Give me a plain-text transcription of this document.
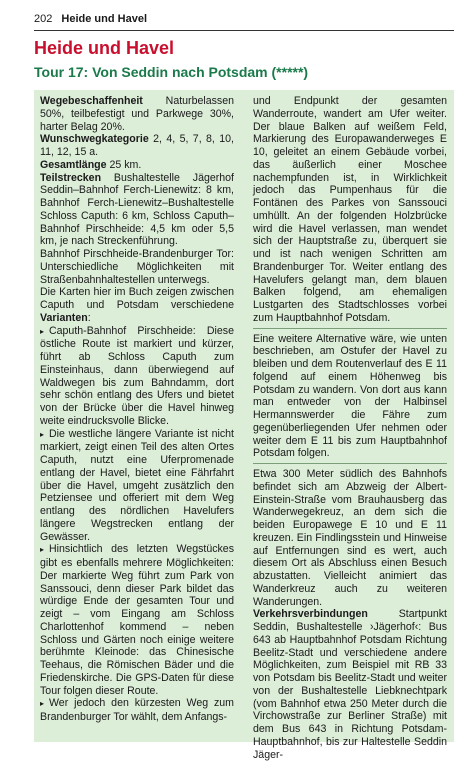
202 Heide und Havel
Heide und Havel
Tour 17: Von Seddin nach Potsdam (*****)

Wegebeschaffenheit Naturbelassen 50%, teilbefestigt und Parkwege 30%, harter Belag 20%.

Wunschwegkategorie 2, 4, 5, 7, 8, 10, 11, 12, 15 a.

Gesamtlänge 25 km.

Teilstrecken Bushaltestelle Jägerhof Seddin–Bahnhof Ferch-Lienewitz: 8 km, Bahnhof Ferch-Lienewitz–Bushaltestelle Schloss Caputh: 6 km, Schloss Caputh–Bahnhof Pirschheide: 4,5 km oder 5,5 km, je nach Streckenführung.

Bahnhof Pirschheide-Brandenburger Tor: Unterschiedliche Möglichkeiten mit Straßenbahnhaltestellen unterwegs.

Die Karten hier im Buch zeigen zwischen Caputh und Potsdam verschiedene Varianten:

▸ Caputh-Bahnhof Pirschheide: Diese östliche Route ist markiert und kürzer, führt ab Schloss Caputh zum Einsteinhaus, dann überwiegend auf Waldwegen bis zum Bahndamm, dort sehr schön entlang des Ufers und bietet von der Brücke über die Havel hinweg weite eindrucksvolle Blicke.

▸ Die westliche längere Variante ist nicht markiert, zeigt einen Teil des alten Ortes Caputh, nutzt eine Uferpromenade entlang der Havel, bietet eine Fährfahrt über die Havel, umgeht zusätzlich den Petziensee und offeriert mit dem Weg entlang des nördlichen Havelufers längere Wegstrecken entlang der Gewässer.

▸ Hinsichtlich des letzten Wegstückes gibt es ebenfalls mehrere Möglichkeiten: Der markierte Weg führt zum Park von Sanssouci, denn dieser Park bildet das würdige Ende der gesamten Tour und zeigt – vom Eingang am Schloss Charlottenhof kommend – neben Schloss und Gärten noch einige weitere berühmte Kleinode: das Chinesische Teehaus, die Römischen Bäder und die Friedenskirche. Die GPS-Daten für diese Tour folgen dieser Route.

▸ Wer jedoch den kürzesten Weg zum Brandenburger Tor wählt, dem Anfangs-

und Endpunkt der gesamten Wanderroute, wandert am Ufer weiter. Der blaue Balken auf weißem Feld, Markierung des Europawanderweges E 10, geleitet an einem Gebäude vorbei, das äußerlich einer Moschee nachempfunden ist, in Wirklichkeit jedoch das Pumpenhaus für die Fontänen des Parkes von Sanssouci umhüllt. An der folgenden Holzbrücke wird die Havel verlassen, man wendet sich der Hauptstraße zu, überquert sie und ist nach wenigen Schritten am Brandenburger Tor. Weiter entlang des Havelufers gelangt man, dem blauen Balken folgend, am ehemaligen Lustgarten des Stadtschlosses vorbei zum Hauptbahnhof Potsdam.

Eine weitere Alternative wäre, wie unten beschrieben, am Ostufer der Havel zu bleiben und dem Routenverlauf des E 11 folgend auf einem Höhenweg bis Potsdam zu wandern. Von dort aus kann man entweder von der Halbinsel Hermannswerder die Fähre zum gegenüberliegenden Ufer nehmen oder weiter dem E 11 bis zum Hauptbahnhof Potsdam folgen.

Etwa 300 Meter südlich des Bahnhofs befindet sich am Abzweig der Albert-Einstein-Straße vom Brauhausberg das Wanderwegekreuz, an dem sich die beiden Europawege E 10 und E 11 kreuzen. Ein Findlingsstein und Hinweise auf Entfernungen sind es wert, auch diesem Ort als Abschluss einen Besuch abzustatten. Vielleicht animiert das Wanderkreuz auch zu weiteren Wanderungen.

Verkehrsverbindungen Startpunkt Seddin, Bushaltestelle ›Jägerhof‹: Bus 643 ab Hauptbahnhof Potsdam Richtung Beelitz-Stadt und verschiedene andere Möglichkeiten, zum Beispiel mit RB 33 von Potsdam bis Beelitz-Stadt und weiter von der Bushaltestelle Liebknechtpark (vom Bahnhof etwa 250 Meter durch die Virchowstraße zur Berliner Straße) mit dem Bus 643 in Richtung Potsdam-Hauptbahnhof, bis zur Haltestelle Seddin Jäger-
